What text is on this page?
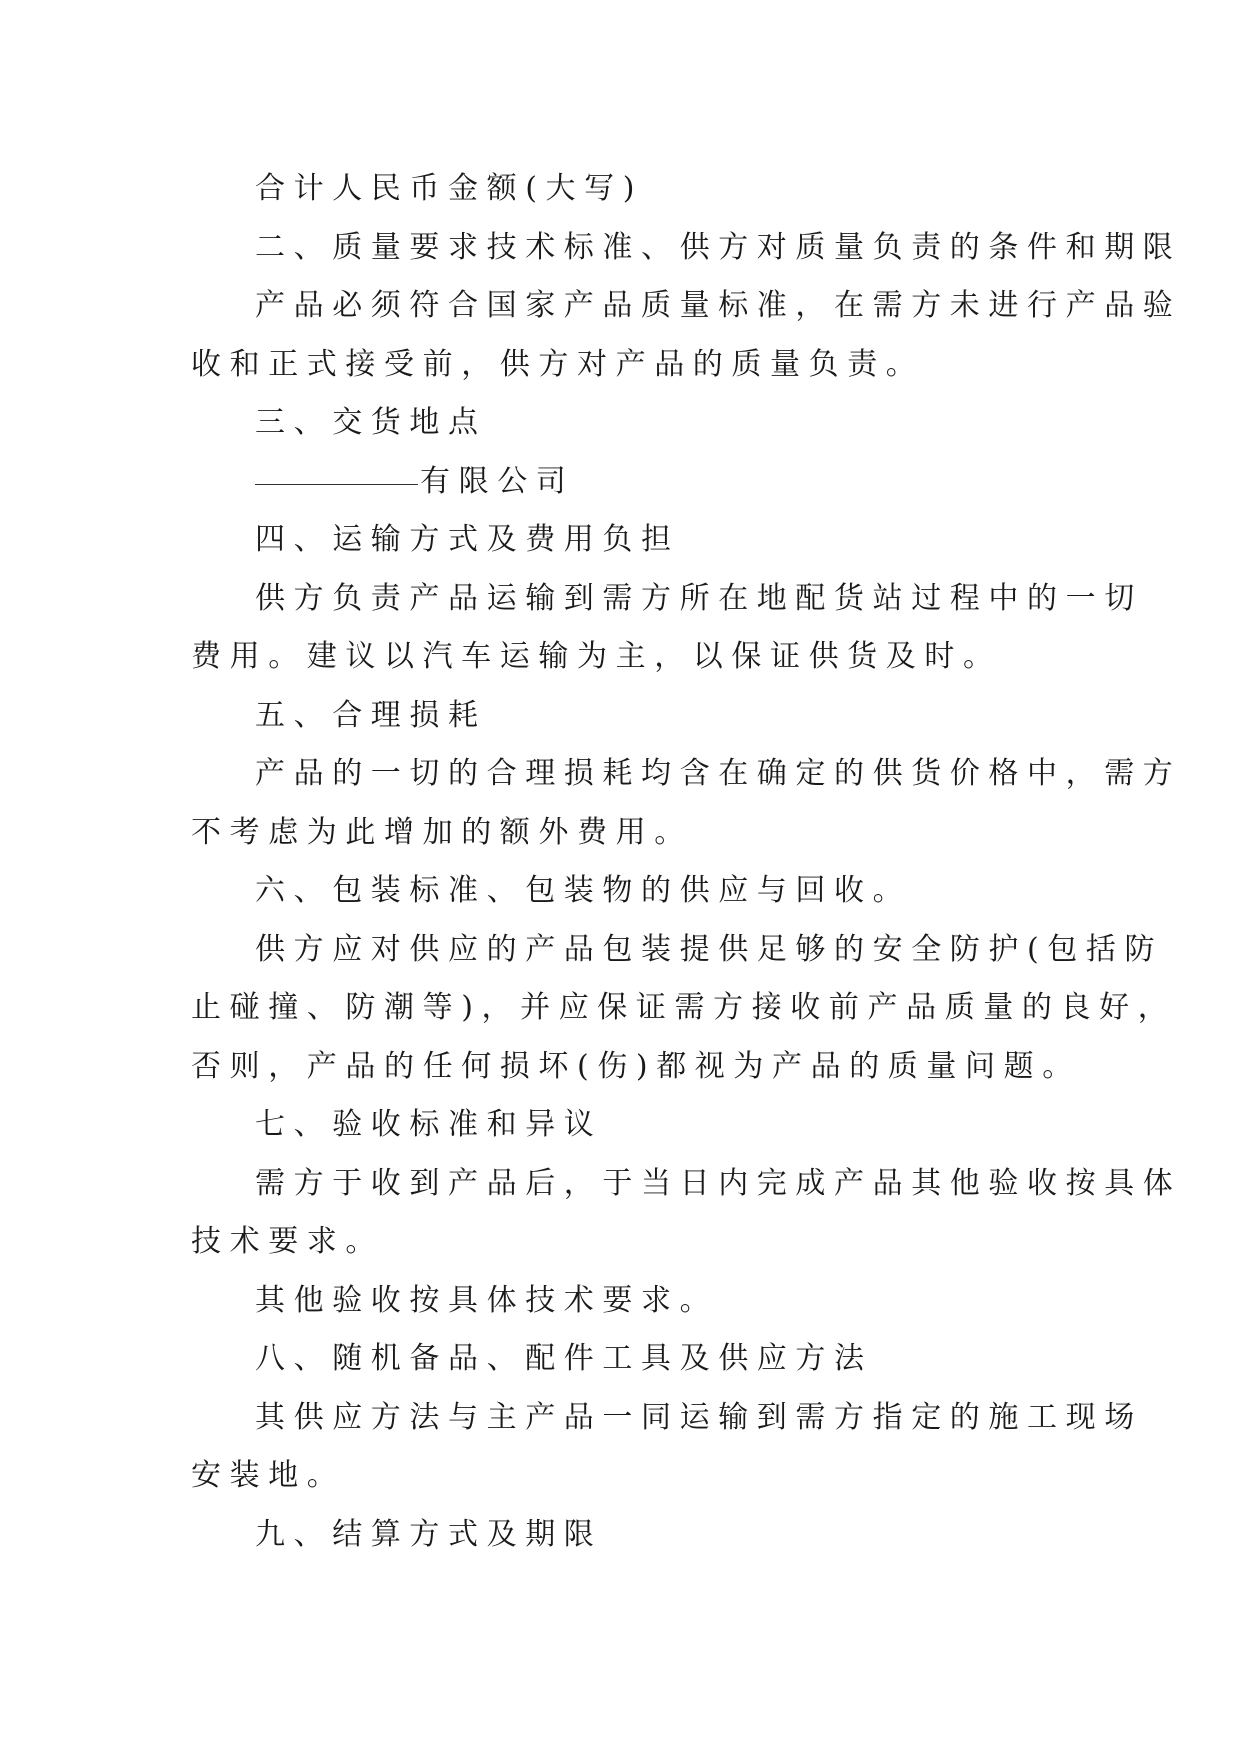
合计人民币金额(大写)
二、质量要求技术标准、供方对质量负责的条件和期限
产品必须符合国家产品质量标准，在需方未进行产品验
收和正式接受前，供方对产品的质量负责。
三、交货地点
有限公司
四、运输方式及费用负担
供方负责产品运输到需方所在地配货站过程中的一切
费用。建议以汽车运输为主，以保证供货及时。
五、合理损耗
产品的一切的合理损耗均含在确定的供货价格中，需方
不考虑为此增加的额外费用。
六、包装标准、包装物的供应与回收。
供方应对供应的产品包装提供足够的安全防护(包括防
止碰撞、防潮等)，并应保证需方接收前产品质量的良好，
否则，产品的任何损坏(伤)都视为产品的质量问题。
七、验收标准和异议
需方于收到产品后，于当日内完成产品其他验收按具体
技术要求。
其他验收按具体技术要求。
八、随机备品、配件工具及供应方法
其供应方法与主产品一同运输到需方指定的施工现场
安装地。
九、结算方式及期限
